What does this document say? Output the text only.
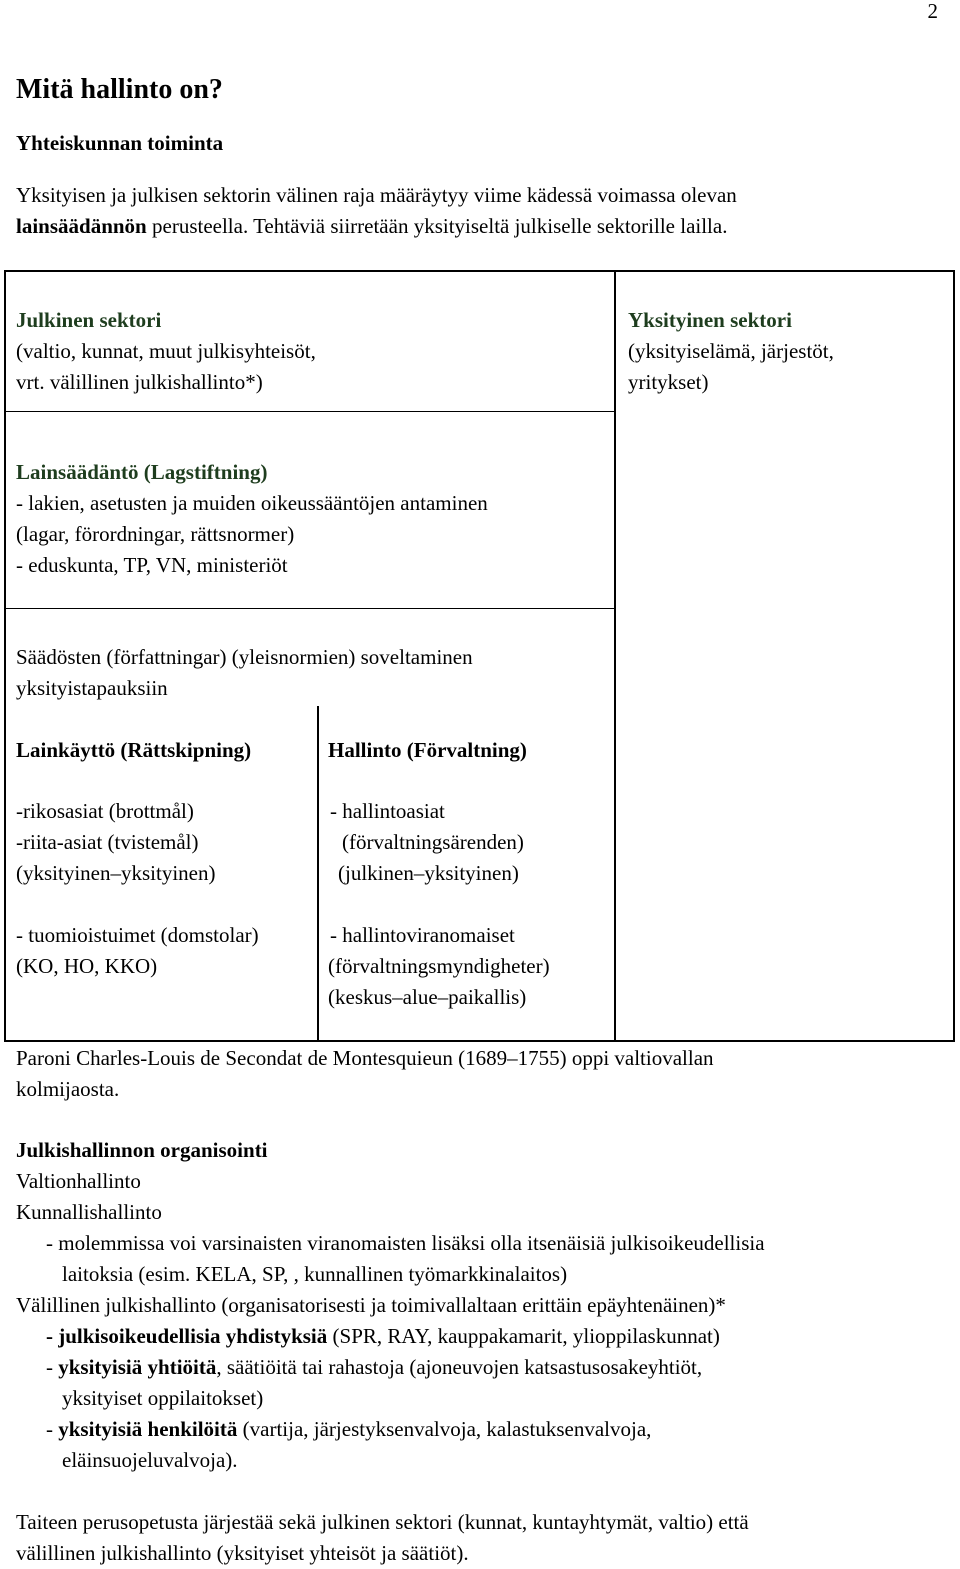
2
Mitä hallinto on?
Yhteiskunnan toiminta
Yksityisen ja julkisen sektorin välinen raja määräytyy viime kädessä voimassa olevan
lainsäädännön perusteella. Tehtäviä siirretään yksityiseltä julkiselle sektorille lailla.
Julkinen sektori
(valtio, kunnat, muut julkisyhteisöt,
vrt. välillinen julkishallinto*)
Yksityinen sektori
(yksityiselämä, järjestöt,
yritykset)
Lainsäädäntö (Lagstiftning)
- lakien, asetusten ja muiden oikeussääntöjen antaminen
(lagar, förordningar, rättsnormer)
- eduskunta, TP, VN, ministeriöt
Säädösten (författningar) (yleisnormien) soveltaminen
yksityistapauksiin
Lainkäyttö (Rättskipning)
-rikosasiat (brottmål)
-riita-asiat (tvistemål)
(yksityinen–yksityinen)
- tuomioistuimet (domstolar)
(KO, HO, KKO)
Hallinto (Förvaltning)
- hallintoasiat
(förvaltningsärenden)
(julkinen–yksityinen)
- hallintoviranomaiset
(förvaltningsmyndigheter)
(keskus–alue–paikallis)
Paroni Charles-Louis de Secondat de Montesquieun (1689–1755) oppi valtiovallan
kolmijaosta.
Julkishallinnon organisointi
Valtionhallinto
Kunnallishallinto
- molemmissa voi varsinaisten viranomaisten lisäksi olla itsenäisiä julkisoikeudellisia
laitoksia (esim. KELA, SP, , kunnallinen työmarkkinalaitos)
Välillinen julkishallinto (organisatorisesti ja toimivallaltaan erittäin epäyhtenäinen)*
- julkisoikeudellisia yhdistyksiä (SPR, RAY, kauppakamarit, ylioppilaskunnat)
- yksityisiä yhtiöitä, säätiöitä tai rahastoja (ajoneuvojen katsastusosakeyhtiöt,
yksityiset oppilaitokset)
- yksityisiä henkilöitä (vartija, järjestyksenvalvoja, kalastuksenvalvoja,
eläinsuojeluvalvoja).
Taiteen perusopetusta järjestää sekä julkinen sektori (kunnat, kuntayhtymät, valtio) että
välillinen julkishallinto (yksityiset yhteisöt ja säätiöt).
